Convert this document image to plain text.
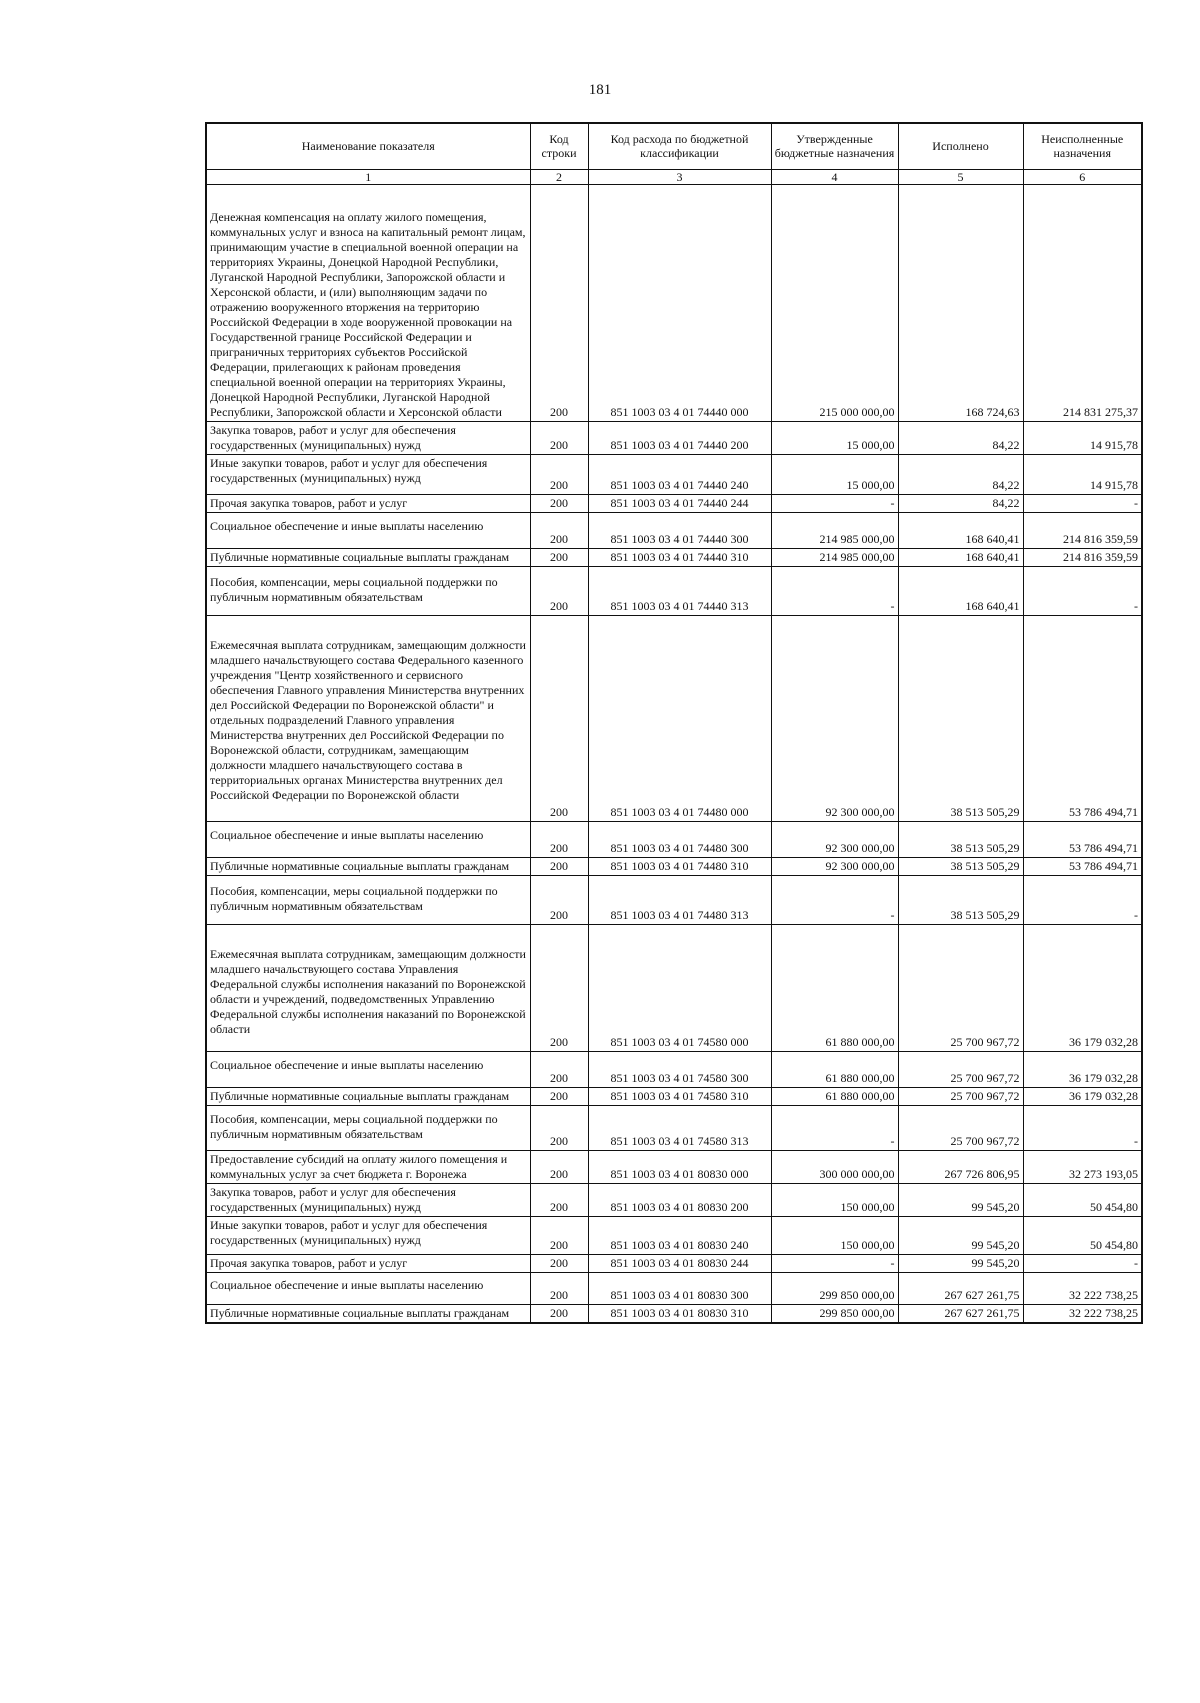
181
Наименование показателя	Код строки	Код расхода по бюджетной классификации	Утвержденные бюджетные назначения	Исполнено	Неисполненные назначения
1	2	3	4	5	6
Денежная компенсация на оплату жилого помещения, коммунальных услуг и взноса на капитальный ремонт лицам, принимающим участие в специальной военной операции на территориях Украины, Донецкой Народной Республики, Луганской Народной Республики, Запорожской области и Херсонской области, и (или) выполняющим задачи по отражению вооруженного вторжения на территорию Российской Федерации в ходе вооруженной провокации на Государственной границе Российской Федерации и приграничных территориях субъектов Российской Федерации, прилегающих к районам проведения специальной военной операции на территориях Украины, Донецкой Народной Республики, Луганской Народной Республики, Запорожской области и Херсонской области	200	851 1003 03 4 01 74440 000	215 000 000,00	168 724,63	214 831 275,37
Закупка товаров, работ и услуг для обеспечения государственных (муниципальных) нужд	200	851 1003 03 4 01 74440 200	15 000,00	84,22	14 915,78
Иные закупки товаров, работ и услуг для обеспечения государственных (муниципальных) нужд	200	851 1003 03 4 01 74440 240	15 000,00	84,22	14 915,78
Прочая закупка товаров, работ и услуг	200	851 1003 03 4 01 74440 244	-	84,22	-
Социальное обеспечение и иные выплаты населению	200	851 1003 03 4 01 74440 300	214 985 000,00	168 640,41	214 816 359,59
Публичные нормативные социальные выплаты гражданам	200	851 1003 03 4 01 74440 310	214 985 000,00	168 640,41	214 816 359,59
Пособия, компенсации, меры социальной поддержки по публичным нормативным обязательствам	200	851 1003 03 4 01 74440 313	-	168 640,41	-
Ежемесячная выплата сотрудникам, замещающим должности младшего начальствующего состава Федерального казенного учреждения "Центр хозяйственного и сервисного обеспечения Главного управления Министерства внутренних дел Российской Федерации по Воронежской области" и отдельных подразделений Главного управления Министерства внутренних дел Российской Федерации по Воронежской области, сотрудникам, замещающим должности младшего начальствующего состава в территориальных органах Министерства внутренних дел Российской Федерации по Воронежской области	200	851 1003 03 4 01 74480 000	92 300 000,00	38 513 505,29	53 786 494,71
Социальное обеспечение и иные выплаты населению	200	851 1003 03 4 01 74480 300	92 300 000,00	38 513 505,29	53 786 494,71
Публичные нормативные социальные выплаты гражданам	200	851 1003 03 4 01 74480 310	92 300 000,00	38 513 505,29	53 786 494,71
Пособия, компенсации, меры социальной поддержки по публичным нормативным обязательствам	200	851 1003 03 4 01 74480 313	-	38 513 505,29	-
Ежемесячная выплата сотрудникам, замещающим должности младшего начальствующего состава Управления Федеральной службы исполнения наказаний по Воронежской области и учреждений, подведомственных Управлению Федеральной службы исполнения наказаний по Воронежской области	200	851 1003 03 4 01 74580 000	61 880 000,00	25 700 967,72	36 179 032,28
Социальное обеспечение и иные выплаты населению	200	851 1003 03 4 01 74580 300	61 880 000,00	25 700 967,72	36 179 032,28
Публичные нормативные социальные выплаты гражданам	200	851 1003 03 4 01 74580 310	61 880 000,00	25 700 967,72	36 179 032,28
Пособия, компенсации, меры социальной поддержки по публичным нормативным обязательствам	200	851 1003 03 4 01 74580 313	-	25 700 967,72	-
Предоставление субсидий на оплату жилого помещения и коммунальных услуг за счет бюджета г. Воронежа	200	851 1003 03 4 01 80830 000	300 000 000,00	267 726 806,95	32 273 193,05
Закупка товаров, работ и услуг для обеспечения государственных (муниципальных) нужд	200	851 1003 03 4 01 80830 200	150 000,00	99 545,20	50 454,80
Иные закупки товаров, работ и услуг для обеспечения государственных (муниципальных) нужд	200	851 1003 03 4 01 80830 240	150 000,00	99 545,20	50 454,80
Прочая закупка товаров, работ и услуг	200	851 1003 03 4 01 80830 244	-	99 545,20	-
Социальное обеспечение и иные выплаты населению	200	851 1003 03 4 01 80830 300	299 850 000,00	267 627 261,75	32 222 738,25
Публичные нормативные социальные выплаты гражданам	200	851 1003 03 4 01 80830 310	299 850 000,00	267 627 261,75	32 222 738,25
